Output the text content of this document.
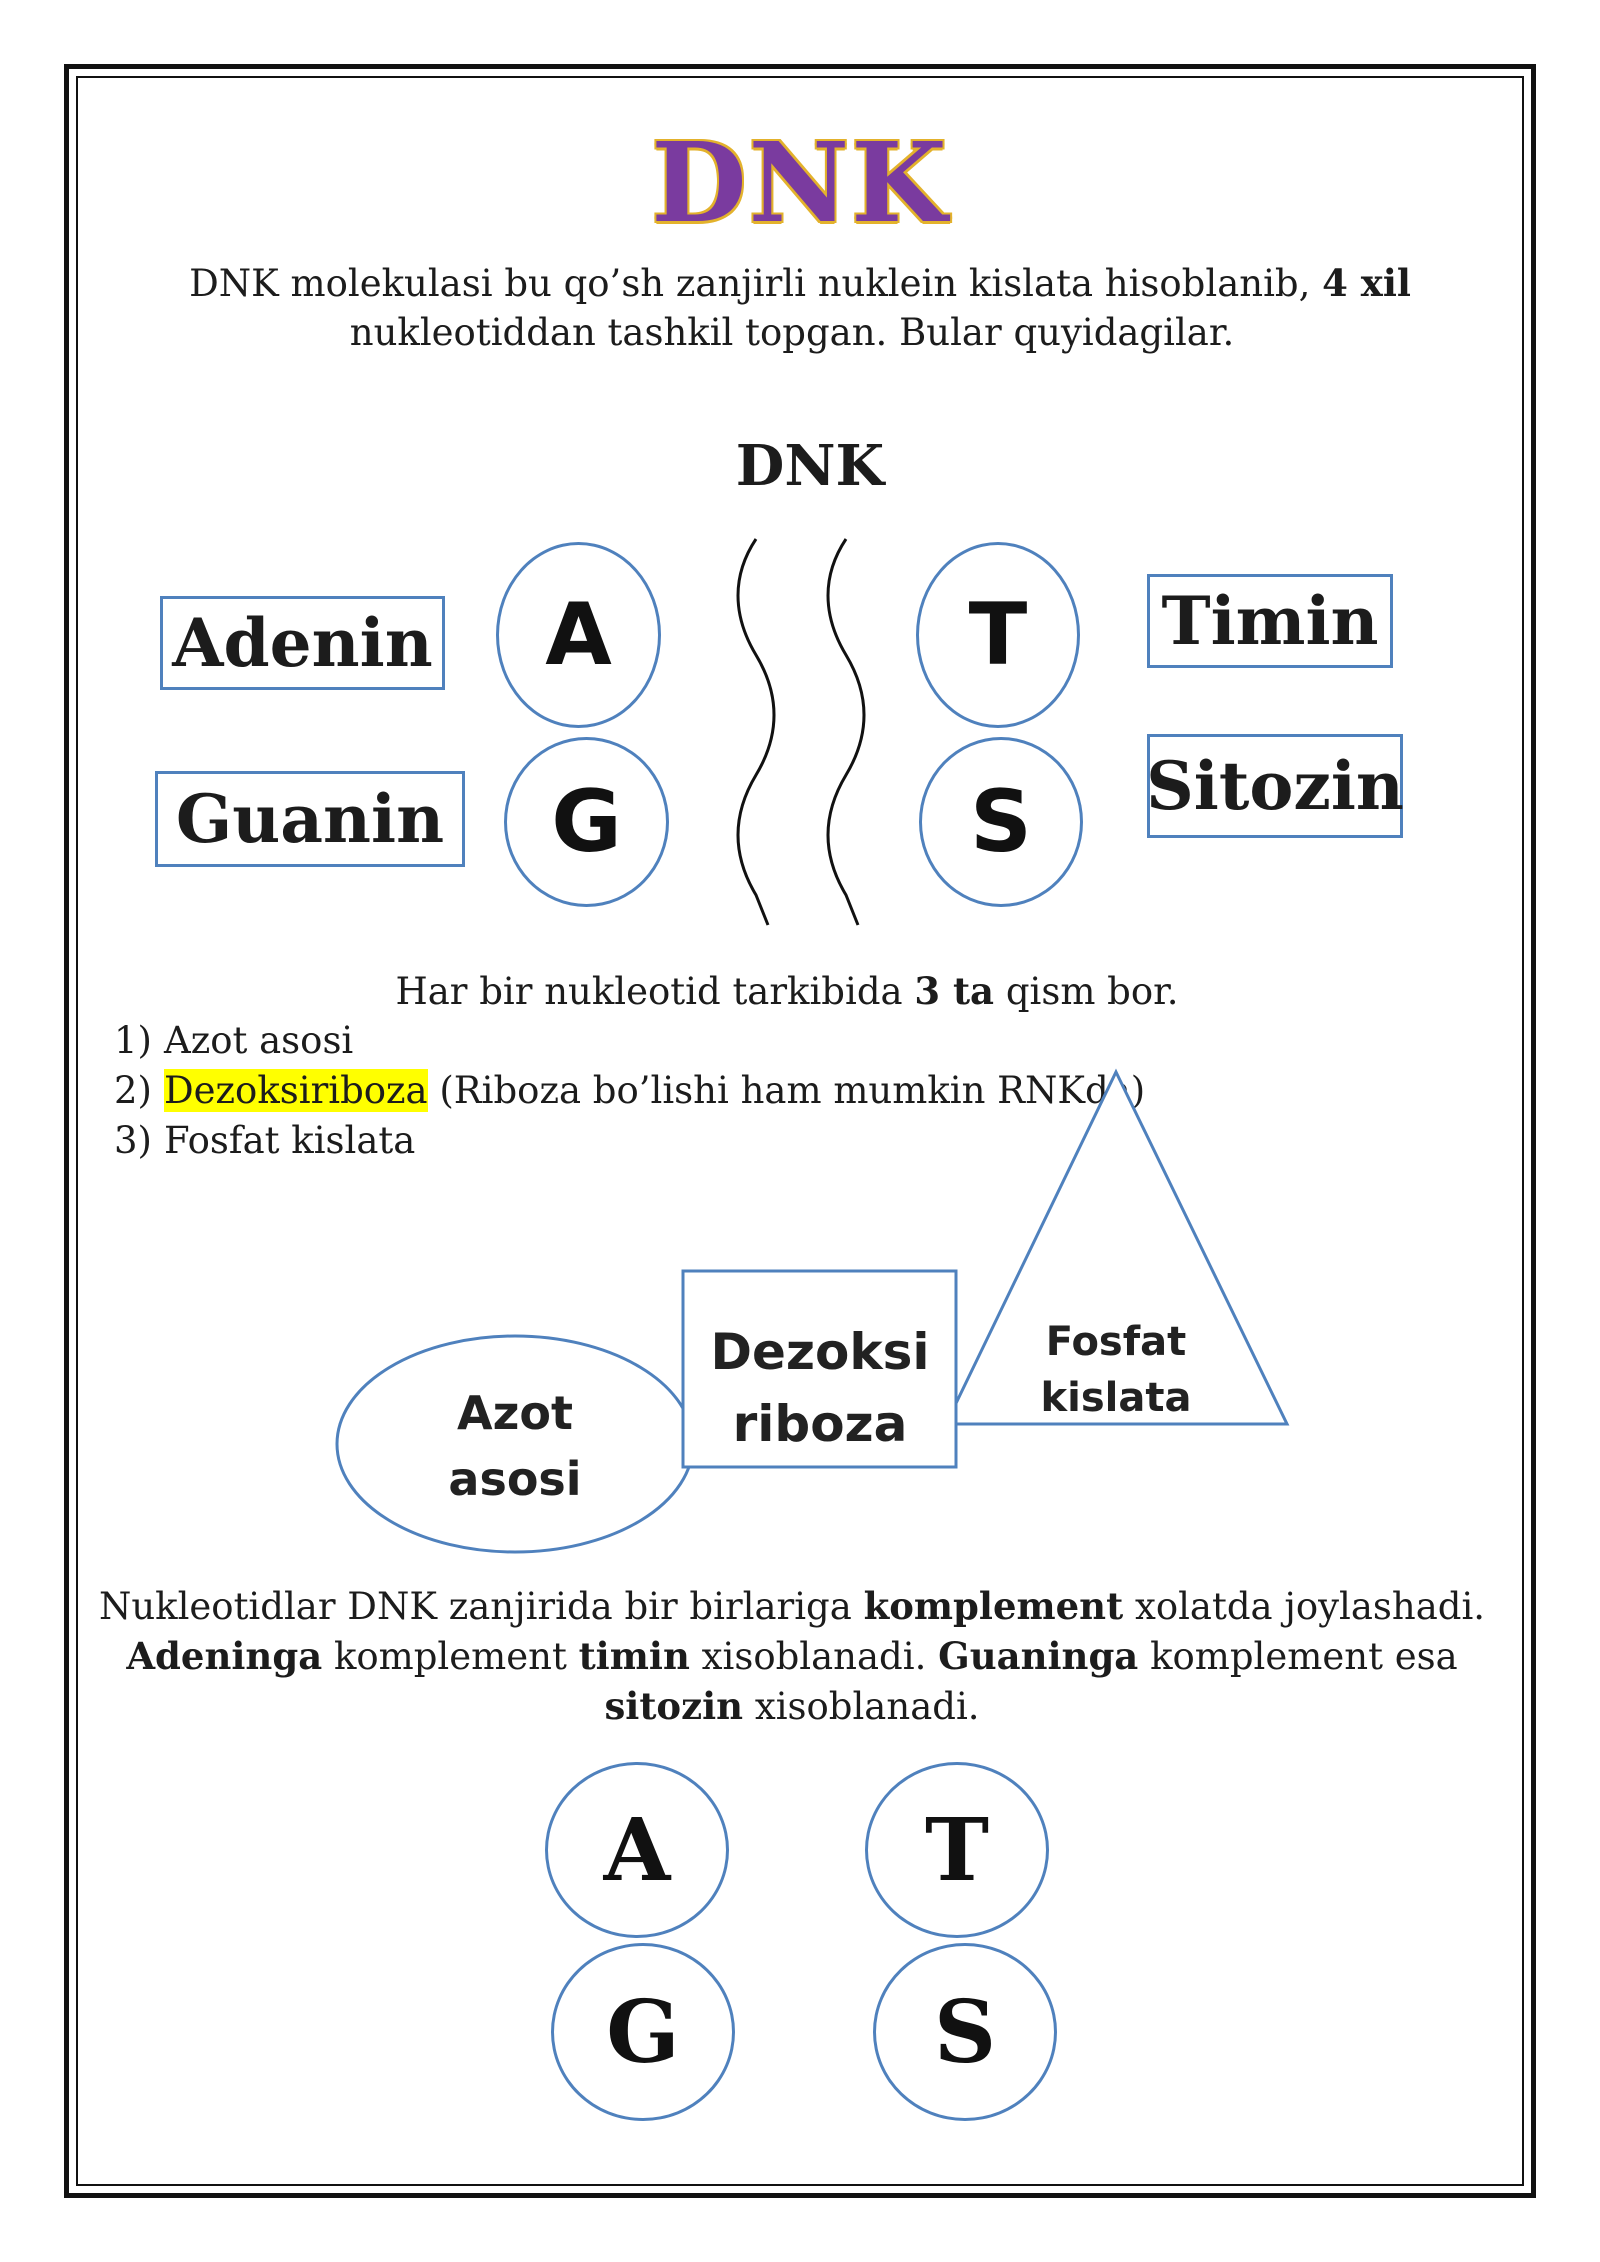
DNK
DNK molekulasi bu qo’sh zanjirli nuklein kislata hisoblanib, 4 xil
nukleotiddan tashkil topgan. Bular quyidagilar.
DNK
Adenin
Guanin
Timin
Sitozin
A
G
T
S
Har bir nukleotid tarkibida 3 ta qism bor.
1) Azot asosi
2) Dezoksiriboza (Riboza bo’lishi ham mumkin RNKda)
3) Fosfat kislata
Azot
asosi
Dezoksi
riboza
Fosfat
kislata
Nukleotidlar DNK zanjirida bir birlariga komplement xolatda joylashadi.
Adeninga komplement timin xisoblanadi. Guaninga komplement esa
sitozin xisoblanadi.
A	T
G	S
